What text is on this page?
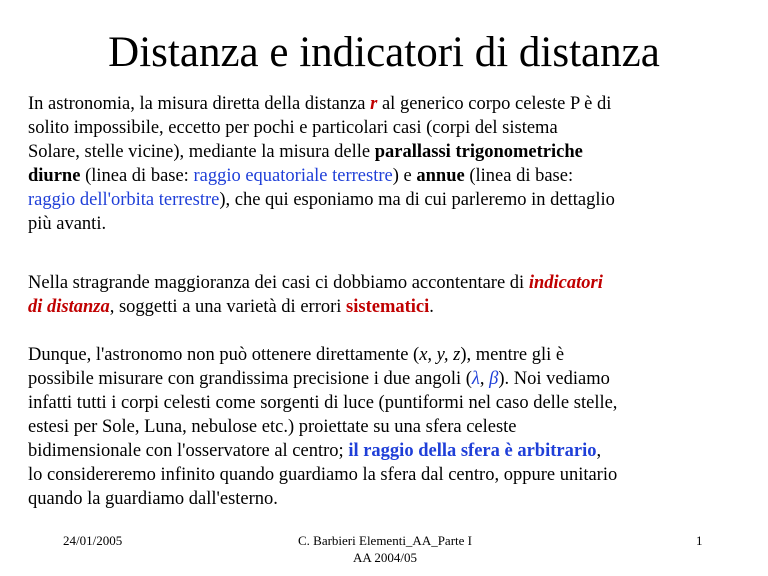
Distanza e indicatori di distanza
In astronomia, la misura diretta della distanza r al generico corpo celeste P è di
solito impossibile, eccetto per pochi e particolari casi (corpi del sistema
Solare, stelle vicine), mediante la misura delle parallassi trigonometriche
diurne (linea di base: raggio equatoriale terrestre) e annue (linea di base:
raggio dell'orbita terrestre), che qui esponiamo ma di cui parleremo in dettaglio
più avanti.
Nella stragrande maggioranza dei casi ci dobbiamo accontentare di indicatori
di distanza, soggetti a una varietà di errori sistematici.
Dunque, l'astronomo non può ottenere direttamente (x, y, z), mentre gli è
possibile misurare con grandissima precisione i due angoli (λ, β). Noi vediamo
infatti tutti i corpi celesti come sorgenti di luce (puntiformi nel caso delle stelle,
estesi per Sole, Luna, nebulose etc.) proiettate su una sfera celeste
bidimensionale con l'osservatore al centro; il raggio della sfera è arbitrario,
lo considereremo infinito quando guardiamo la sfera dal centro, oppure unitario
quando la guardiamo dall'esterno.
24/01/2005	C. Barbieri Elementi_AA_Parte I
AA 2004/05
1
